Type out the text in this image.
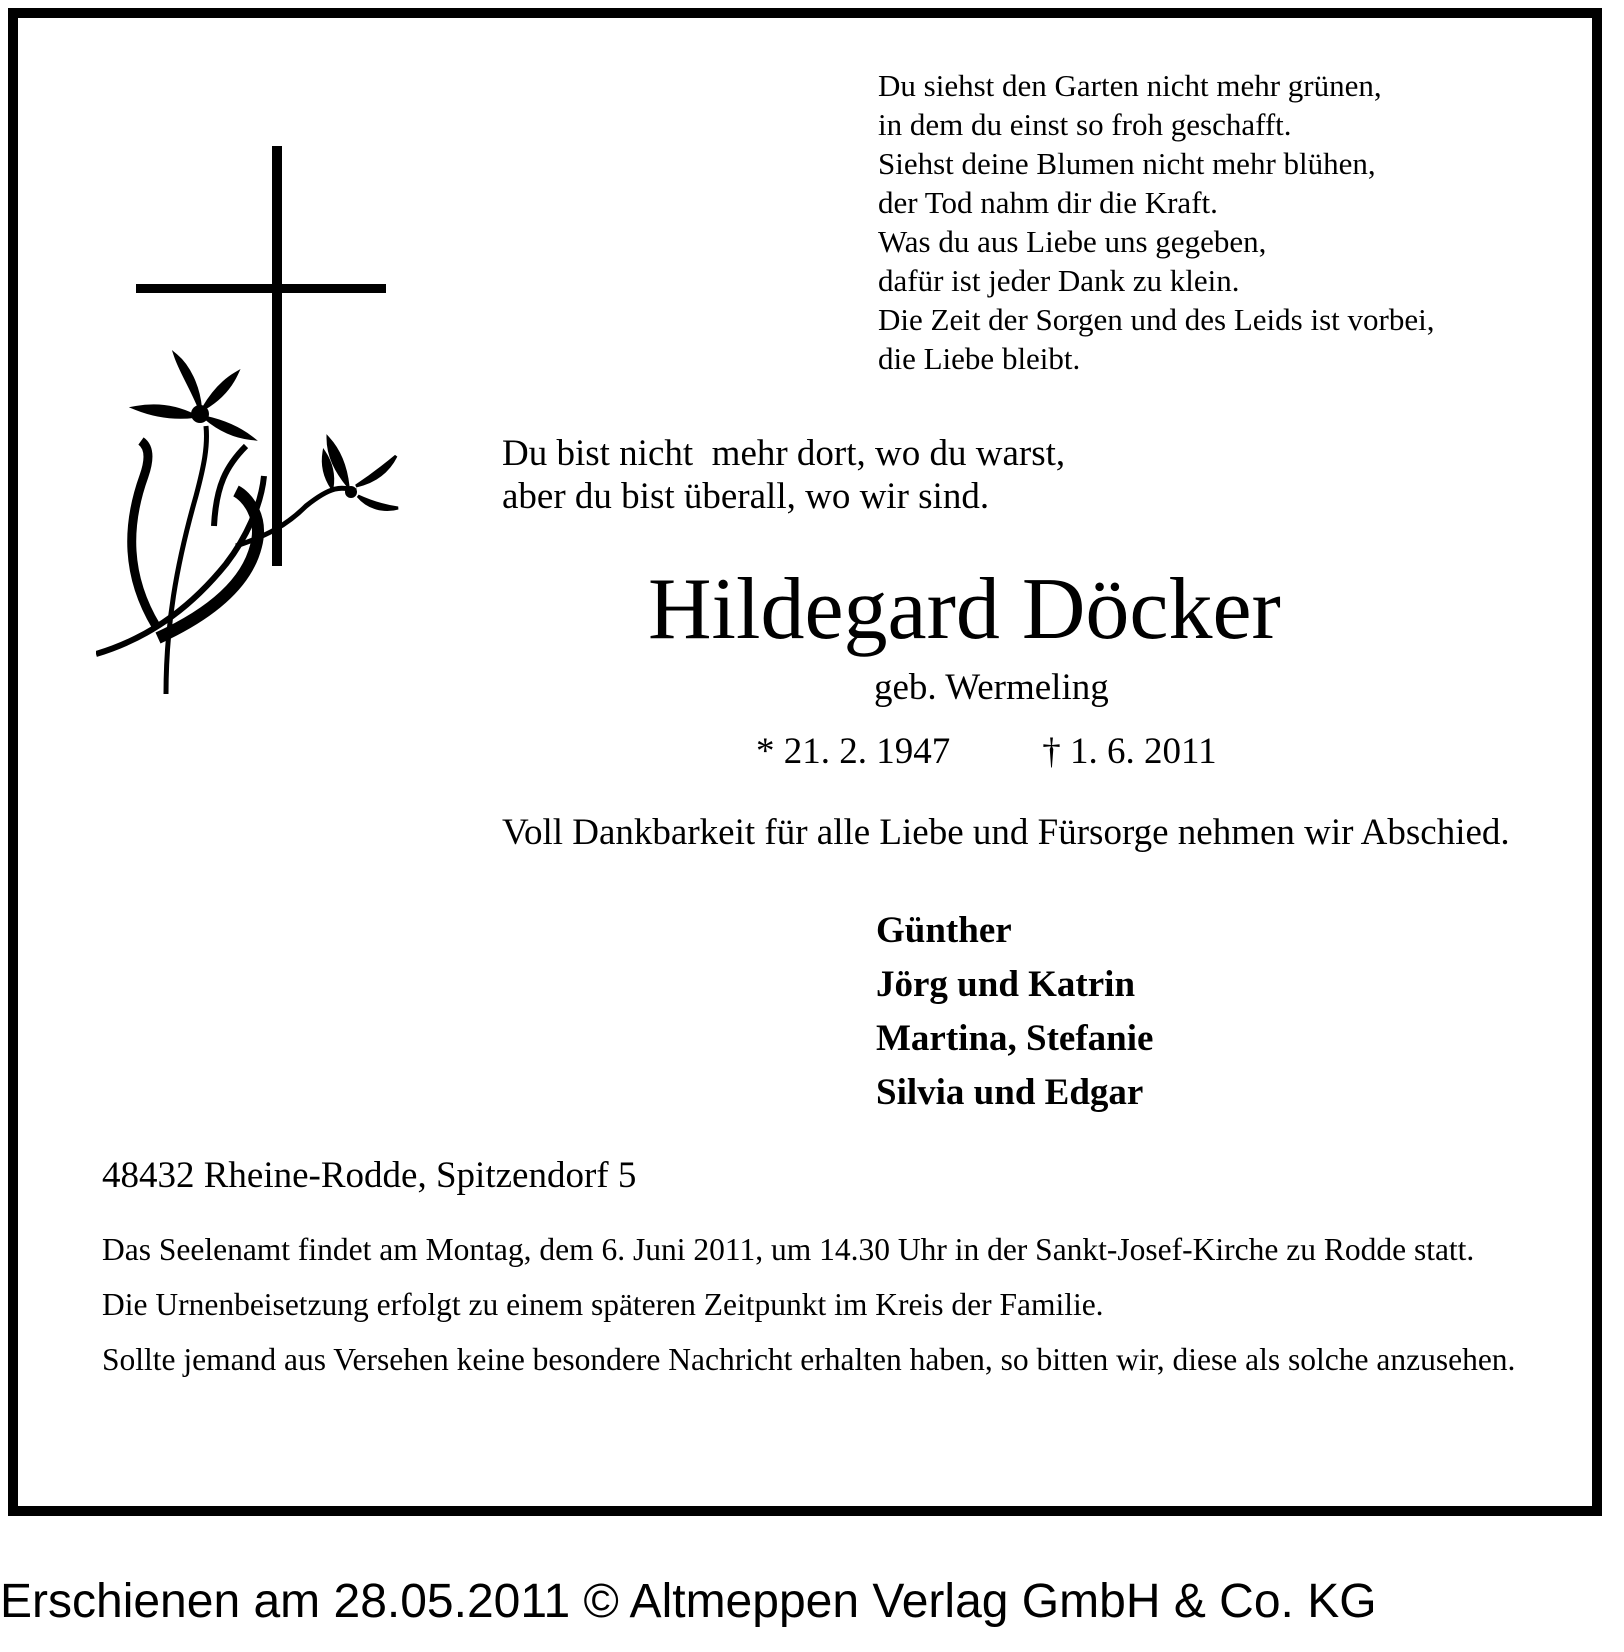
Du siehst den Garten nicht mehr grünen,
in dem du einst so froh geschafft.
Siehst deine Blumen nicht mehr blühen,
der Tod nahm dir die Kraft.
Was du aus Liebe uns gegeben,
dafür ist jeder Dank zu klein.
Die Zeit der Sorgen und des Leids ist vorbei,
die Liebe bleibt.
Du bist nicht  mehr dort, wo du warst,
aber du bist überall, wo wir sind.
Hildegard Döcker
geb. Wermeling
* 21. 2. 1947 † 1. 6. 2011
Voll Dankbarkeit für alle Liebe und Fürsorge nehmen wir Abschied.
Günther
Jörg und Katrin
Martina, Stefanie
Silvia und Edgar
48432 Rheine-Rodde, Spitzendorf 5

Das Seelenamt findet am Montag, dem 6. Juni 2011, um 14.30 Uhr in der Sankt-Josef-Kirche zu Rodde statt.

Die Urnenbeisetzung erfolgt zu einem späteren Zeitpunkt im Kreis der Familie.

Sollte jemand aus Versehen keine besondere Nachricht erhalten haben, so bitten wir, diese als solche anzusehen.

Erschienen am 28.05.2011 © Altmeppen Verlag GmbH & Co. KG
